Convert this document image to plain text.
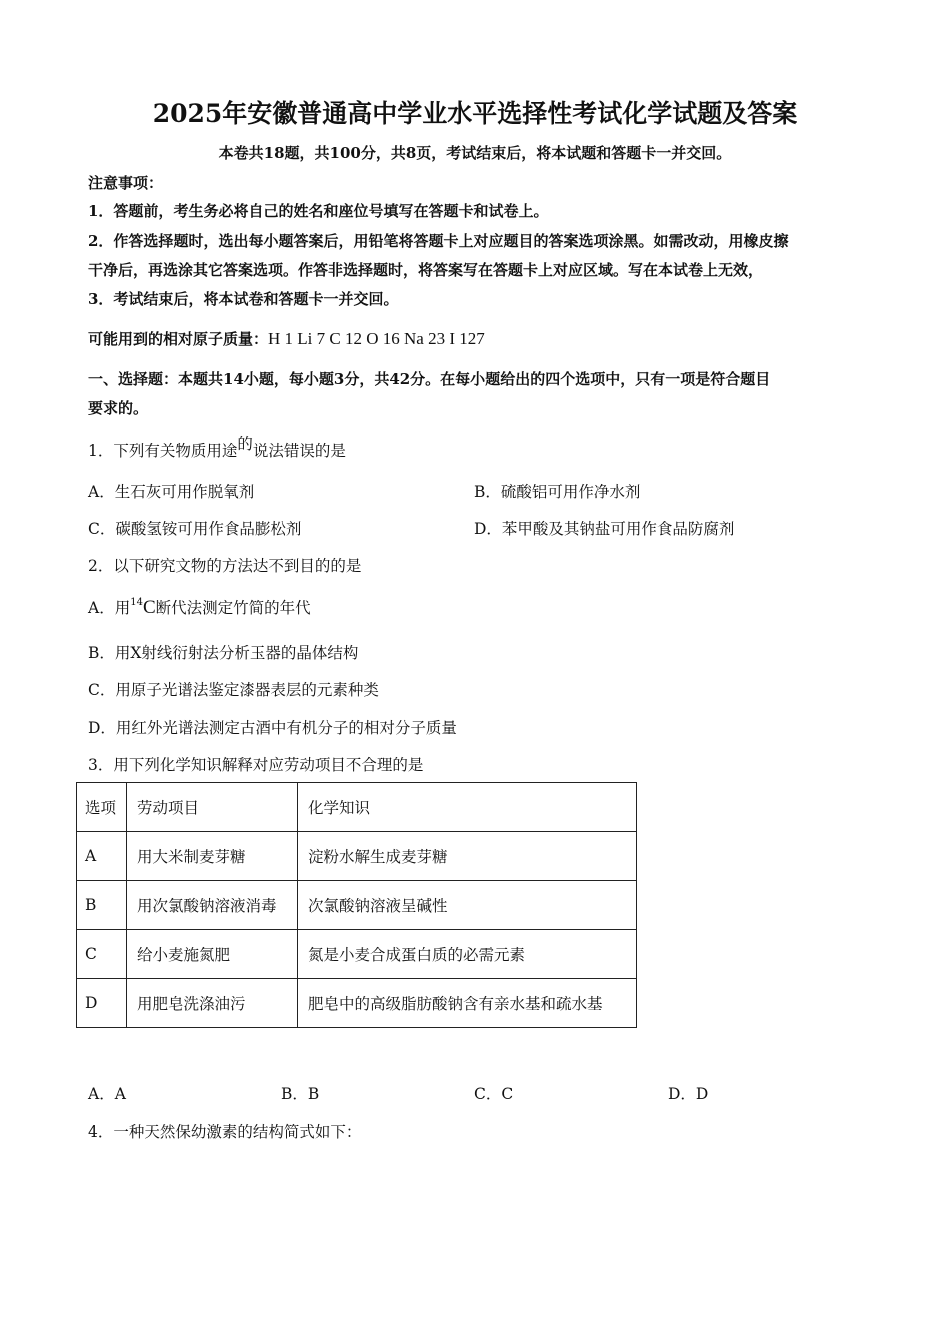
2025年安徽普通高中学业水平选择性考试化学试题及答案
本卷共18题，共100分，共8页，考试结束后，将本试题和答题卡一并交回。
注意事项：
1．答题前，考生务必将自己的姓名和座位号填写在答题卡和试卷上。
2．作答选择题时，选出每小题答案后，用铅笔将答题卡上对应题目的答案选项涂黑。如需改动，用橡皮擦
干净后，再选涂其它答案选项。作答非选择题时，将答案写在答题卡上对应区域。写在本试卷上无效，
3．考试结束后，将本试卷和答题卡一并交回。
可能用到的相对原子质量：H 1 Li 7 C 12 O 16 Na 23 I 127
一、选择题：本题共14小题，每小题3分，共42分。在每小题给出的四个选项中，只有一项是符合题目
要求的。
1．下列有关物质用途的说法错误的是
A．生石灰可用作脱氧剂	B．硫酸铝可用作净水剂
C．碳酸氢铵可用作食品膨松剂	D．苯甲酸及其钠盐可用作食品防腐剂
2．以下研究文物的方法达不到目的的是
A．用$^{14}$C断代法测定竹简的年代
B．用X射线衍射法分析玉器的晶体结构
C．用原子光谱法鉴定漆器表层的元素种类
D．用红外光谱法测定古酒中有机分子的相对分子质量
3．用下列化学知识解释对应劳动项目不合理的是
选项	劳动项目	化学知识
A	用大米制麦芽糖	淀粉水解生成麦芽糖
B	用次氯酸钠溶液消毒	次氯酸钠溶液呈碱性
C	给小麦施氮肥	氮是小麦合成蛋白质的必需元素
D	用肥皂洗涤油污	肥皂中的高级脂肪酸钠含有亲水基和疏水基
A．A	B．B	C．C	D．D
4．一种天然保幼激素的结构简式如下：
